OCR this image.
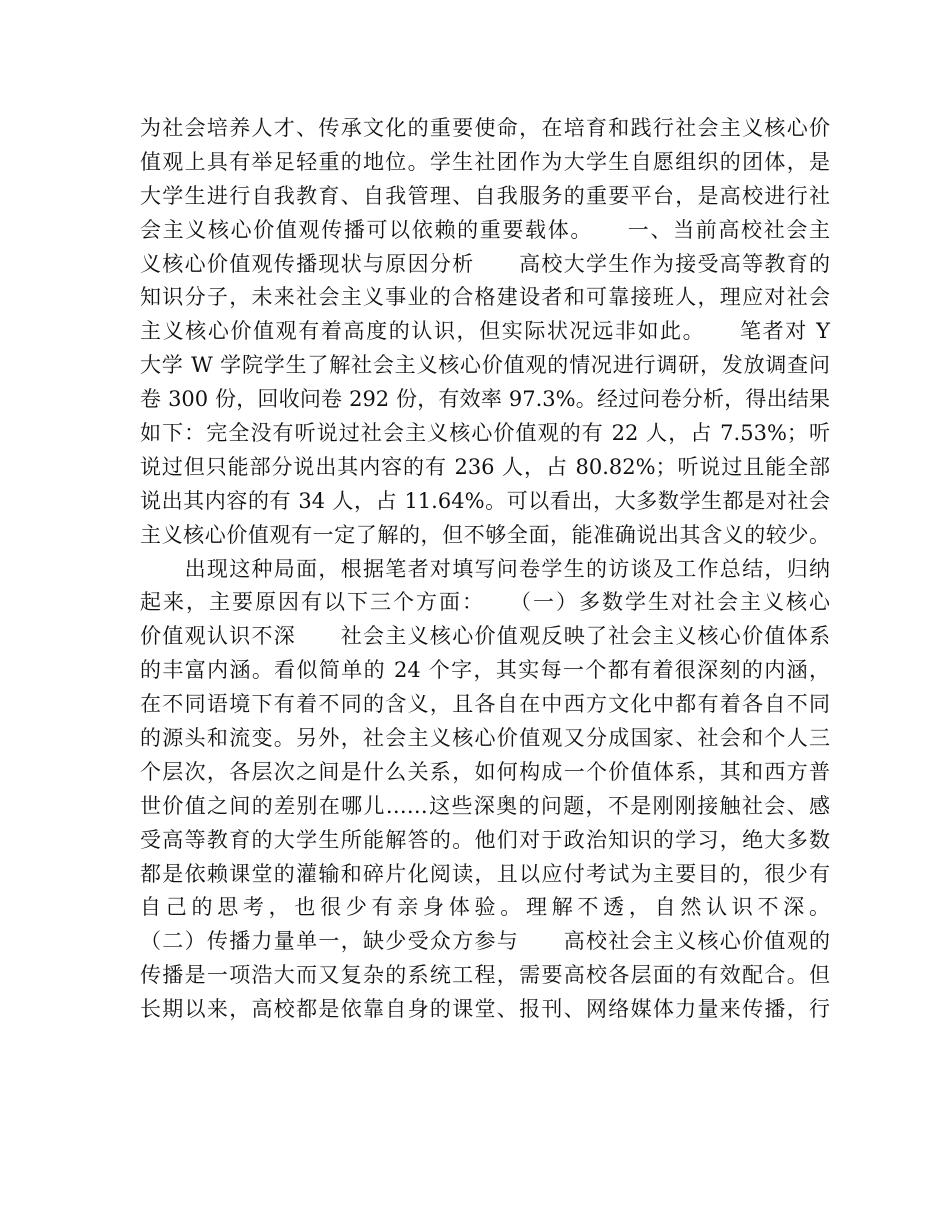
为社会培养人才、传承文化的重要使命，在培育和践行社会主义核心价
值观上具有举足轻重的地位。学生社团作为大学生自愿组织的团体，是
大学生进行自我教育、自我管理、自我服务的重要平台，是高校进行社
会主义核心价值观传播可以依赖的重要载体。　　一、当前高校社会主
义核心价值观传播现状与原因分析　　高校大学生作为接受高等教育的
知识分子，未来社会主义事业的合格建设者和可靠接班人，理应对社会
主义核心价值观有着高度的认识，但实际状况远非如此。　　笔者对 Y
大学 W 学院学生了解社会主义核心价值观的情况进行调研，发放调查问
卷 300 份，回收问卷 292 份，有效率 97.3%。经过问卷分析，得出结果
如下：完全没有听说过社会主义核心价值观的有 22 人，占 7.53%；听
说过但只能部分说出其内容的有 236 人，占 80.82%；听说过且能全部
说出其内容的有 34 人，占 11.64%。可以看出，大多数学生都是对社会
主义核心价值观有一定了解的，但不够全面，能准确说出其含义的较少。
　　出现这种局面，根据笔者对填写问卷学生的访谈及工作总结，归纳
起来，主要原因有以下三个方面：　　（一）多数学生对社会主义核心
价值观认识不深　　社会主义核心价值观反映了社会主义核心价值体系
的丰富内涵。看似简单的 24 个字，其实每一个都有着很深刻的内涵，
在不同语境下有着不同的含义，且各自在中西方文化中都有着各自不同
的源头和流变。另外，社会主义核心价值观又分成国家、社会和个人三
个层次，各层次之间是什么关系，如何构成一个价值体系，其和西方普
世价值之间的差别在哪儿……这些深奥的问题，不是刚刚接触社会、感
受高等教育的大学生所能解答的。他们对于政治知识的学习，绝大多数
都是依赖课堂的灌输和碎片化阅读，且以应付考试为主要目的，很少有
自己的思考，也很少有亲身体验。理解不透，自然认识不深。
（二）传播力量单一，缺少受众方参与　　高校社会主义核心价值观的
传播是一项浩大而又复杂的系统工程，需要高校各层面的有效配合。但
长期以来，高校都是依靠自身的课堂、报刊、网络媒体力量来传播，行
